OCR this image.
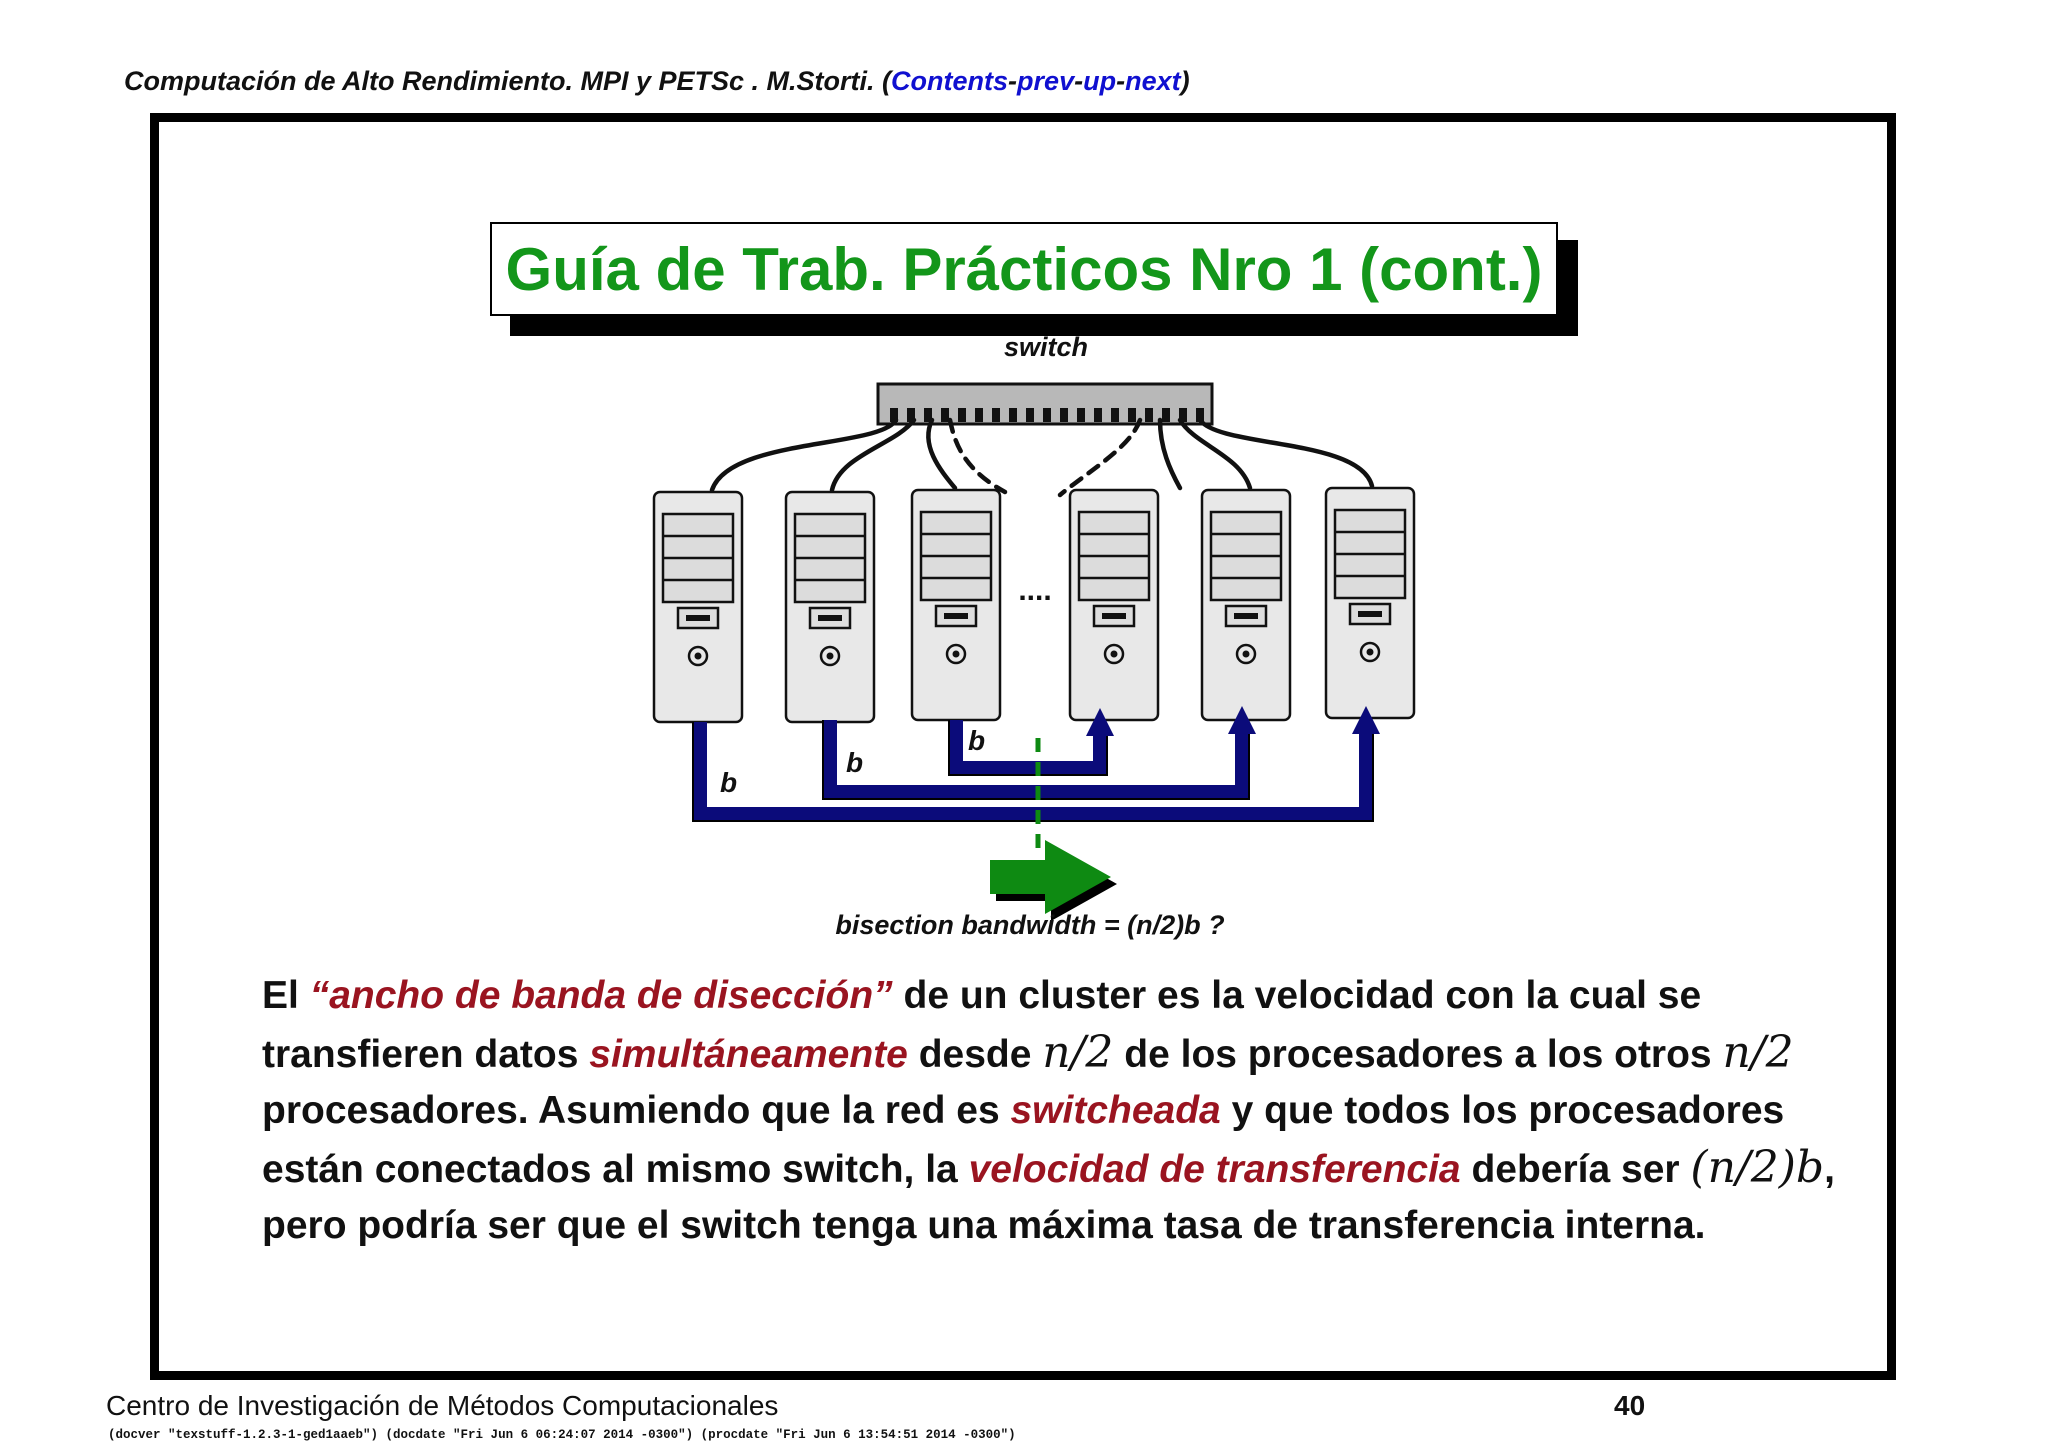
Computación de Alto Rendimiento. MPI y PETSc . M.Storti. (Contents-prev-up-next)
Guía de Trab. Prácticos Nro 1 (cont.)
switch
....
b
b
b
bisection bandwidth = (n/2)b ?
El “ancho de banda de disección” de un cluster es la velocidad con la cual se transfieren datos simultáneamente desde n/2 de los procesadores a los otros n/2 procesadores. Asumiendo que la red es switcheada y que todos los procesadores están conectados al mismo switch, la velocidad de transferencia debería ser (n/2)b, pero podría ser que el switch tenga una máxima tasa de transferencia interna.
Centro de Investigación de Métodos Computacionales	40
(docver "texstuff-1.2.3-1-ged1aaeb") (docdate "Fri Jun 6 06:24:07 2014 -0300") (procdate "Fri Jun 6 13:54:51 2014 -0300")
